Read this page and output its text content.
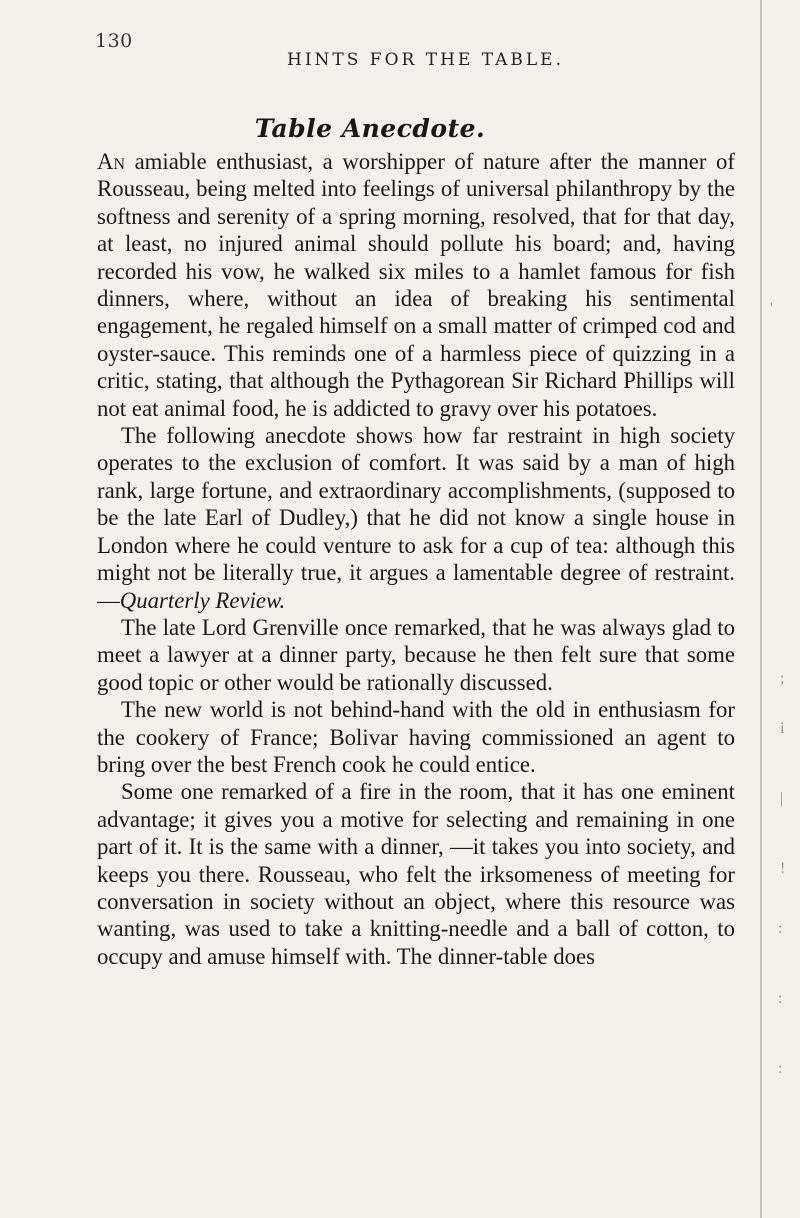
130
HINTS FOR THE TABLE.
Table Anecdote.

An amiable enthusiast, a worshipper of nature after the manner of Rousseau, being melted into feelings of universal philanthropy by the softness and serenity of a spring morning, resolved, that for that day, at least, no injured animal should pollute his board; and, having recorded his vow, he walked six miles to a hamlet famous for fish dinners, where, without an idea of breaking his sentimental engagement, he regaled himself on a small matter of crimped cod and oyster-sauce. This reminds one of a harmless piece of quizzing in a critic, stating, that although the Pythagorean Sir Richard Phillips will not eat animal food, he is addicted to gravy over his potatoes.

The following anecdote shows how far restraint in high society operates to the exclusion of comfort. It was said by a man of high rank, large fortune, and extraordinary accomplishments, (supposed to be the late Earl of Dudley,) that he did not know a single house in London where he could venture to ask for a cup of tea: although this might not be literally true, it argues a lamentable degree of restraint.—Quarterly Review.

The late Lord Grenville once remarked, that he was always glad to meet a lawyer at a dinner party, because he then felt sure that some good topic or other would be rationally discussed.

The new world is not behind-hand with the old in enthusiasm for the cookery of France; Bolivar having commissioned an agent to bring over the best French cook he could entice.

Some one remarked of a fire in the room, that it has one eminent advantage; it gives you a motive for selecting and remaining in one part of it. It is the same with a dinner, —it takes you into society, and keeps you there. Rousseau, who felt the irksomeness of meeting for conversation in society without an object, where this resource was wanting, was used to take a knitting-needle and a ball of cotton, to occupy and amuse himself with. The dinner-table does

'
;
i
|
!
:
:
:
